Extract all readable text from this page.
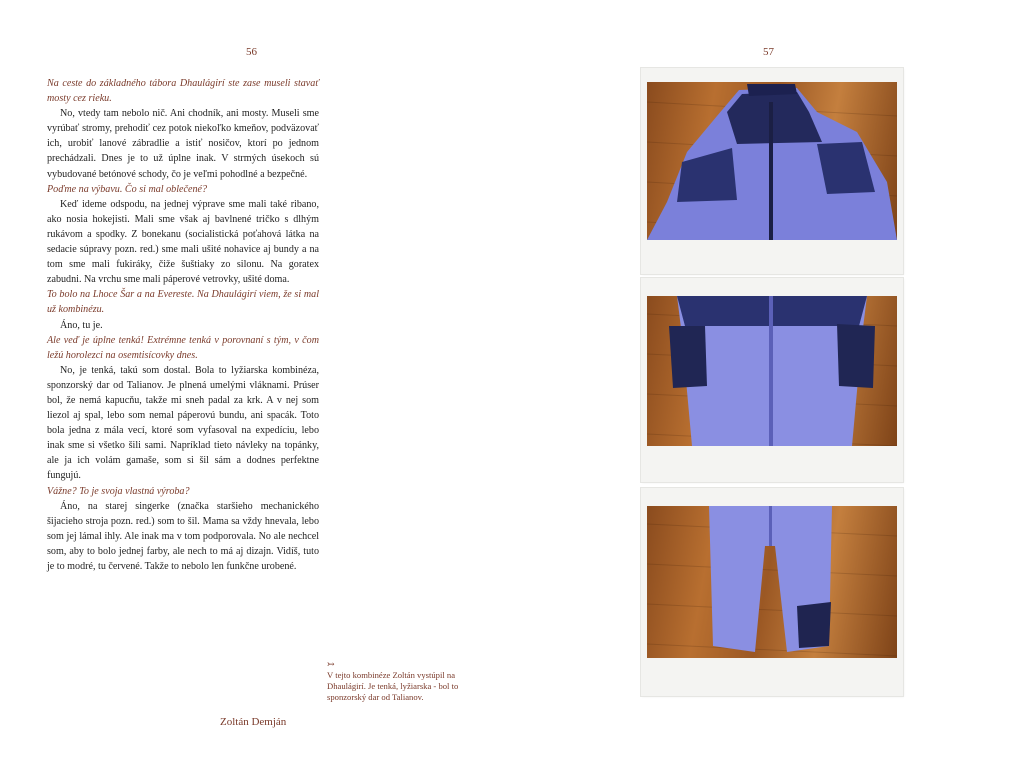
56	57

Na ceste do základného tábora Dhaulágirí ste zase museli stavať mosty cez rieku.

No, vtedy tam nebolo nič. Ani chodník, ani mosty. Museli sme vyrúbať stromy, prehodiť cez potok niekoľko kmeňov, podväzovať ich, urobiť lanové zábradlie a istiť nosičov, ktorí po jednom prechádzali. Dnes je to už úplne inak. V strmých úsekoch sú vybudované betónové schody, čo je veľmi pohodlné a bezpečné.

Poďme na výbavu. Čo si mal oblečené?

Keď ideme odspodu, na jednej výprave sme mali také ribano, ako nosia hokejisti. Mali sme však aj bavlnené tričko s dlhým rukávom a spodky. Z bonekanu (socialistická poťahová látka na sedacie súpravy pozn. red.) sme mali ušité nohavice aj bundy a na tom sme mali fukiráky, čiže šuštiaky zo silonu. Na goratex zabudni. Na vrchu sme mali páperové vetrovky, ušité doma.

To bolo na Lhoce Šar a na Evereste. Na Dhaulágirí viem, že si mal už kombinézu.

Áno, tu je.

Ale veď je úplne tenká! Extrémne tenká v porovnaní s tým, v čom ležú horolezci na osemtisícovky dnes.

No, je tenká, takú som dostal. Bola to lyžiarska kombinéza, sponzorský dar od Talianov. Je plnená umelými vláknami. Prúser bol, že nemá kapucňu, takže mi sneh padal za krk. A v nej som liezol aj spal, lebo som nemal páperovú bundu, ani spacák. Toto bola jedna z mála vecí, ktoré som vyfasoval na expedíciu, lebo inak sme si všetko šili sami. Napríklad tieto návleky na topánky, ale ja ich volám gamaše, som si šil sám a dodnes perfektne fungujú.

Vážne? To je svoja vlastná výroba?

Áno, na starej singerke (značka staršieho mechanického šijacieho stroja pozn. red.) som to šil. Mama sa vždy hnevala, lebo som jej lámal ihly. Ale inak ma v tom podporovala. No ale nechcel som, aby to bolo jednej farby, ale nech to má aj dizajn. Vidíš, tuto je to modré, tu červené. Takže to nebolo len funkčne urobené.

Zoltán Demján
↣
V tejto kombinéze Zoltán vystúpil na Dhaulágirí. Je tenká, lyžiarska - bol to sponzorský dar od Talianov.
